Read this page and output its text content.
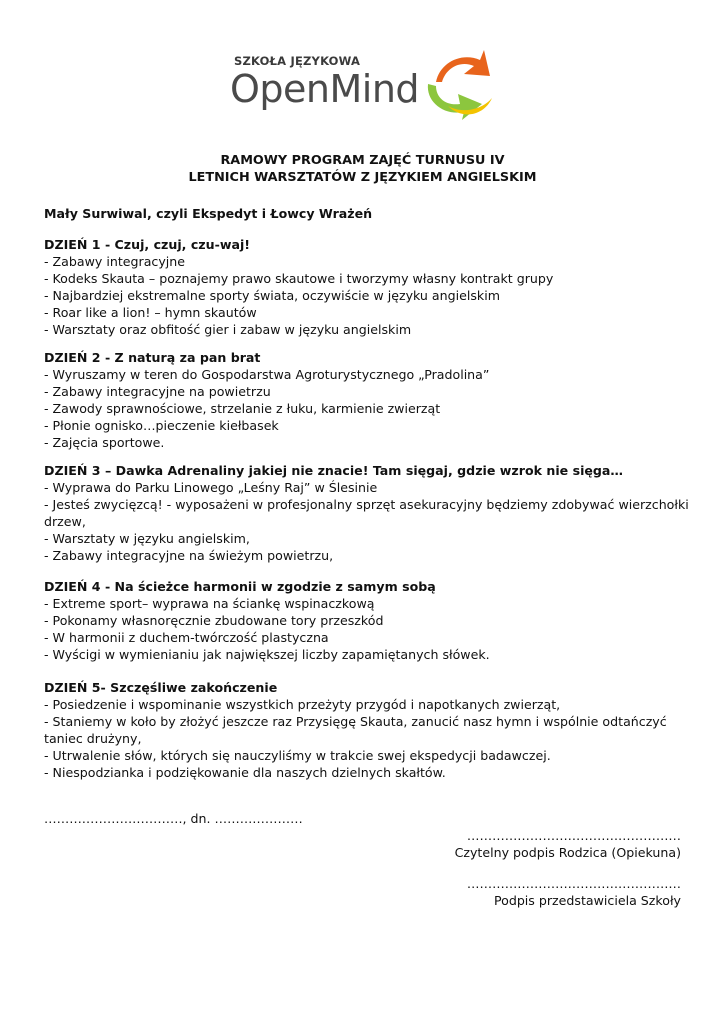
SZKOŁA JĘZYKOWA
OpenMind
RAMOWY PROGRAM ZAJĘĆ TURNUSU IV
LETNICH WARSZTATÓW Z JĘZYKIEM ANGIELSKIM
Mały Surwiwal, czyli Ekspedyt i Łowcy Wrażeń
DZIEŃ 1 - Czuj, czuj, czu-waj!
- Zabawy integracyjne
- Kodeks Skauta – poznajemy prawo skautowe i tworzymy własny kontrakt grupy
- Najbardziej ekstremalne sporty świata, oczywiście w języku angielskim
- Roar like a lion! – hymn skautów
- Warsztaty oraz obfitość gier i zabaw w języku angielskim
DZIEŃ 2 - Z naturą za pan brat
- Wyruszamy w teren do Gospodarstwa Agroturystycznego „Pradolina”
- Zabawy integracyjne na powietrzu
- Zawody sprawnościowe, strzelanie z łuku, karmienie zwierząt
- Płonie ognisko…pieczenie kiełbasek
- Zajęcia sportowe.
DZIEŃ 3 – Dawka Adrenaliny jakiej nie znacie! Tam sięgaj, gdzie wzrok nie sięga…
- Wyprawa do Parku Linowego „Leśny Raj” w Ślesinie
- Jesteś zwycięzcą! - wyposażeni w profesjonalny sprzęt asekuracyjny będziemy zdobywać wierzchołki drzew,
- Warsztaty w języku angielskim,
- Zabawy integracyjne na świeżym powietrzu,
DZIEŃ 4 - Na ścieżce harmonii w zgodzie z samym sobą
- Extreme sport– wyprawa na ściankę wspinaczkową
- Pokonamy własnoręcznie zbudowane tory przeszkód
- W harmonii z duchem-twórczość plastyczna
- Wyścigi w wymienianiu jak największej liczby zapamiętanych słówek.
DZIEŃ 5- Szczęśliwe zakończenie
- Posiedzenie i wspominanie wszystkich przeżyty przygód i napotkanych zwierząt,
- Staniemy w koło by złożyć jeszcze raz Przysięgę Skauta, zanucić nasz hymn i wspólnie odtańczyć taniec drużyny,
- Utrwalenie słów, których się nauczyliśmy w trakcie swej ekspedycji badawczej.
- Niespodzianka i podziękowanie dla naszych dzielnych skałtów.
……………………………, dn. …………………
……………………………………………
Czytelny podpis Rodzica (Opiekuna)
……………………………………………
Podpis przedstawiciela Szkoły
